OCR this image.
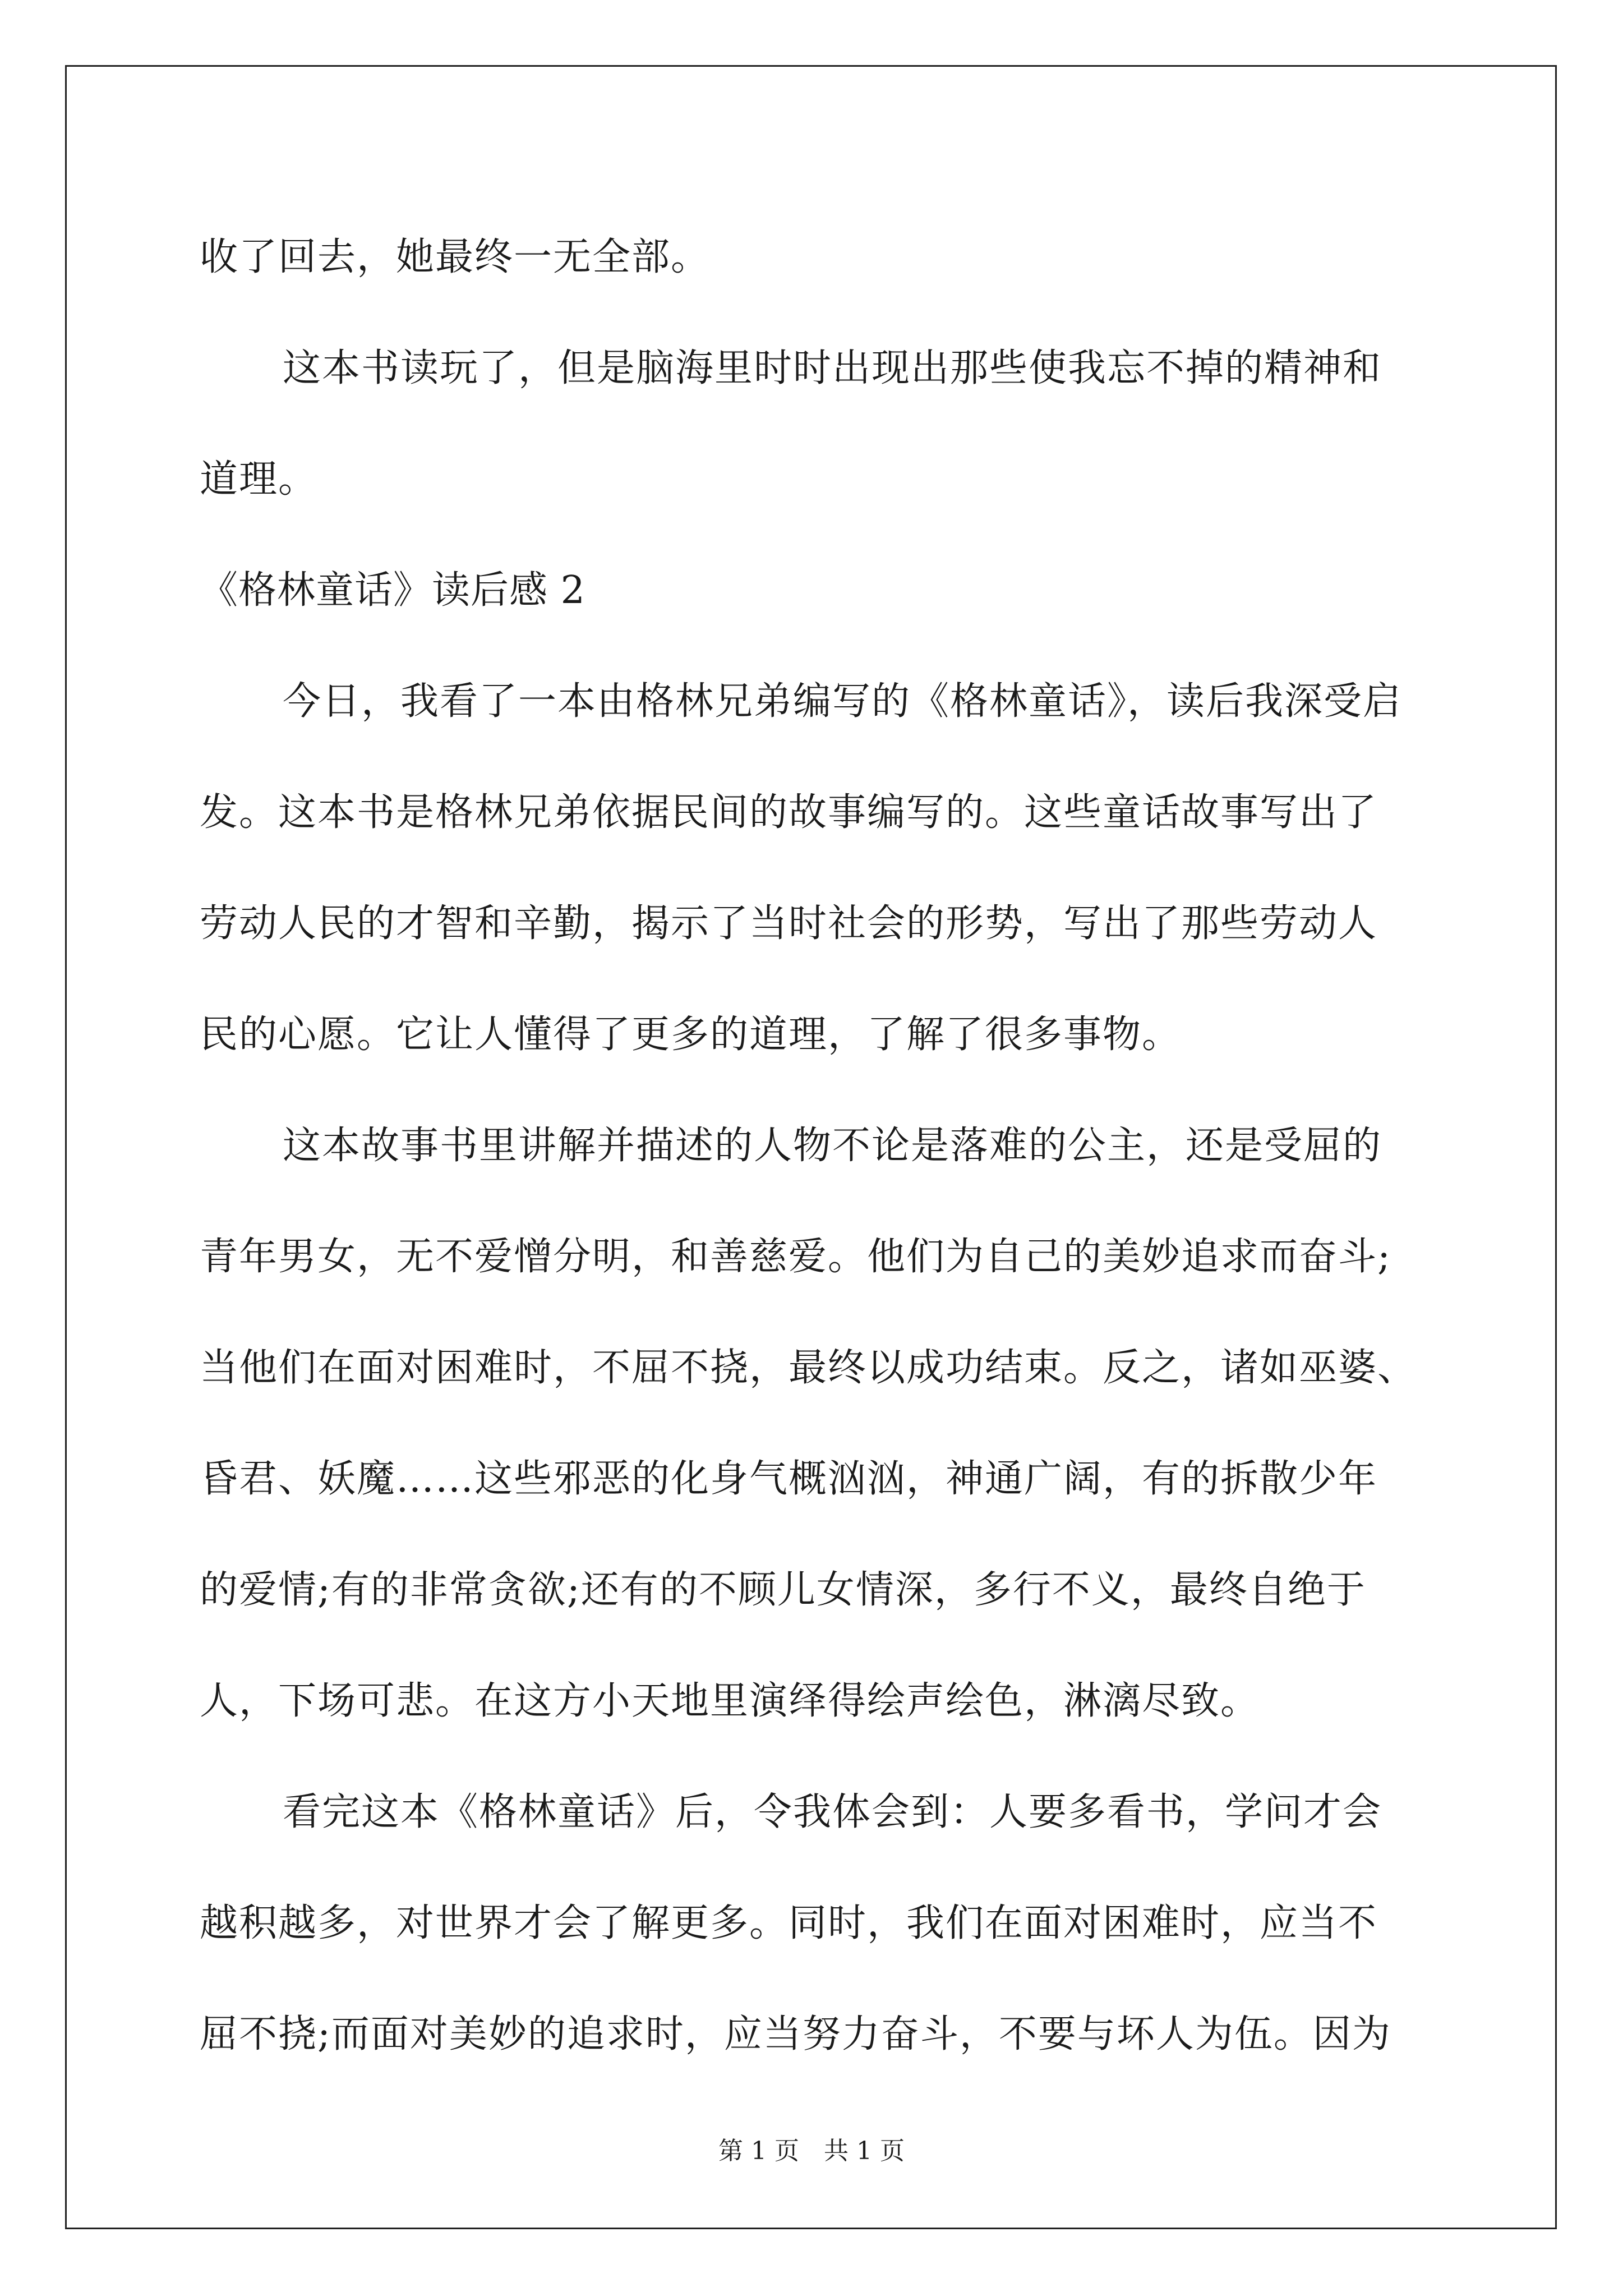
收了回去，她最终一无全部。

这本书读玩了，但是脑海里时时出现出那些使我忘不掉的精神和

道理。

《格林童话》读后感 2

今日，我看了一本由格林兄弟编写的《格林童话》，读后我深受启

发。这本书是格林兄弟依据民间的故事编写的。这些童话故事写出了

劳动人民的才智和辛勤，揭示了当时社会的形势，写出了那些劳动人

民的心愿。它让人懂得了更多的道理，了解了很多事物。

这本故事书里讲解并描述的人物不论是落难的公主，还是受屈的

青年男女，无不爱憎分明，和善慈爱。他们为自己的美妙追求而奋斗;

当他们在面对困难时，不屈不挠，最终以成功结束。反之，诸如巫婆、

昏君、妖魔……这些邪恶的化身气概汹汹，神通广阔，有的拆散少年

的爱情;有的非常贪欲;还有的不顾儿女情深，多行不义，最终自绝于

人，下场可悲。在这方小天地里演绎得绘声绘色，淋漓尽致。

看完这本《格林童话》后，令我体会到：人要多看书，学问才会

越积越多，对世界才会了解更多。同时，我们在面对困难时，应当不

屈不挠;而面对美妙的追求时，应当努力奋斗，不要与坏人为伍。因为

第 1 页　共 1 页
